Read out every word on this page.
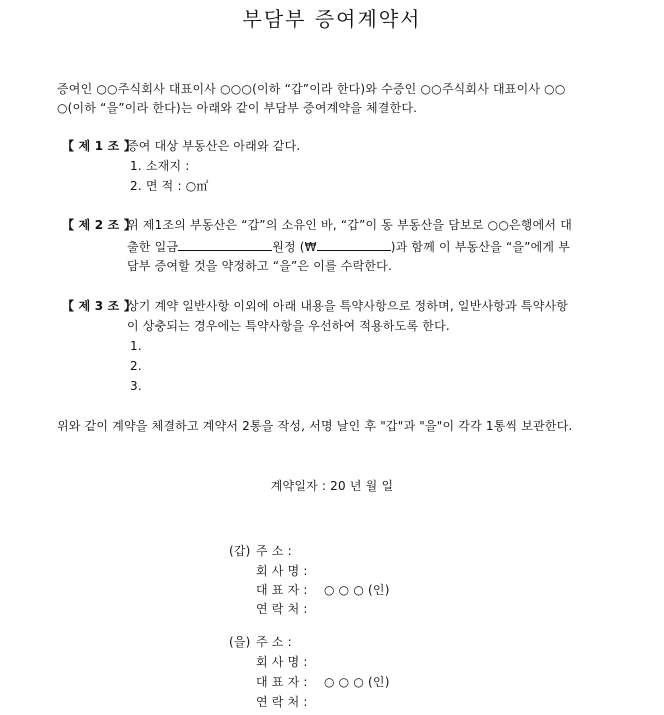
부담부 증여계약서
증여인 ○○주식회사 대표이사 ○○○(이하 “갑”이라 한다)와 수증인 ○○주식회사 대표이사 ○○
○(이하 “을”이라 한다)는 아래와 같이 부담부 증여계약을 체결한다.
【 제 1 조 】
증여 대상 부동산은 아래와 같다.
1. 소재지 :
2. 면 적 : ○㎡
【 제 2 조 】
위 제1조의 부동산은 “갑”의 소유인 바, “갑”이 동 부동산을 담보로 ○○은행에서 대
출한 일금	원정 (₩	)과 함께 이 부동산을 “을”에게 부
담부 증여할 것을 약정하고 “을”은 이를 수락한다.
【 제 3 조 】
상기 계약 일반사항 이외에 아래 내용을 특약사항으로 정하며, 일반사항과 특약사항
이 상충되는 경우에는 특약사항을 우선하여 적용하도록 한다.
1.
2.
3.
위와 같이 계약을 체결하고 계약서 2통을 작성, 서명 날인 후 "갑"과 "을"이 각각 1통씩 보관한다.
계약일자 : 20 년 월 일
(갑) 주 소 :
회 사 명 :
대 표 자 : ○ ○ ○ (인)
연 락 처 :
(을) 주 소 :
회 사 명 :
대 표 자 : ○ ○ ○ (인)
연 락 처 :
